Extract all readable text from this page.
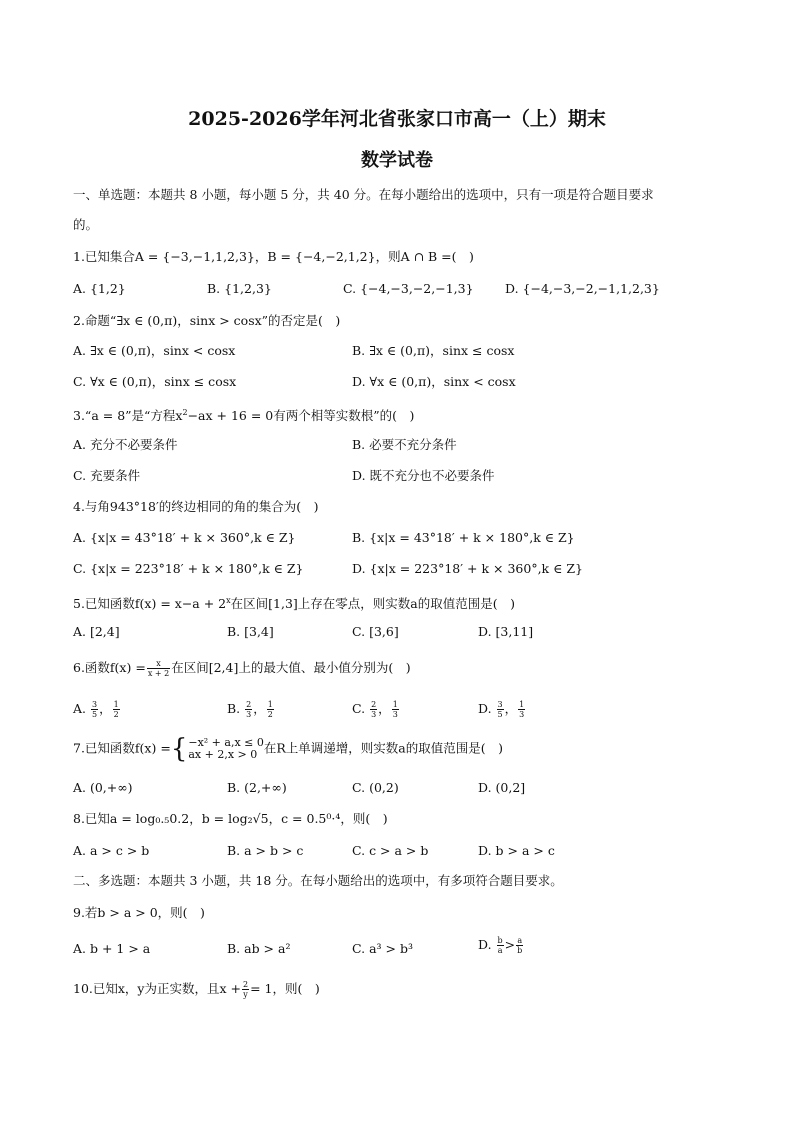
2025-2026学年河北省张家口市高一（上）期末
数学试卷
一、单选题：本题共 8 小题，每小题 5 分，共 40 分。在每小题给出的选项中，只有一项是符合题目要求
的。
1.已知集合A = {−3,−1,1,2,3}，B = {−4,−2,1,2}，则A ∩ B =(　)
A. {1,2}	B. {1,2,3}	C. {−4,−3,−2,−1,3}	D. {−4,−3,−2,−1,1,2,3}
2.命题“∃x ∈ (0,π)，sinx > cosx”的否定是(　)
A. ∃x ∈ (0,π)，sinx < cosx	B. ∃x ∈ (0,π)，sinx ≤ cosx
C. ∀x ∈ (0,π)，sinx ≤ cosx	D. ∀x ∈ (0,π)，sinx < cosx
3.“a = 8”是“方程$x^2-ax + 16 = 0$有两个相等实数根”的(　)
A. 充分不必要条件	B. 必要不充分条件
C. 充要条件	D. 既不充分也不必要条件
4.与角943°18′的终边相同的角的集合为(　)
A. {x|x = 43°18′ + k × 360°,k ∈ Z}	B. {x|x = 43°18′ + k × 180°,k ∈ Z}
C. {x|x = 223°18′ + k × 180°,k ∈ Z}	D. {x|x = 223°18′ + k × 360°,k ∈ Z}
5.已知函数$f(x) = x-a + 2^x$在区间[1,3]上存在零点，则实数a的取值范围是(　)
A. [2,4]	B. [3,4]	C. [3,6]	D. [3,11]
6.函数$f(x) = \frac{x}{x + 2}$ 在区间[2,4]上的最大值、最小值分别为(　)
A. $\frac{3}{5}$ ， $\frac{1}{2}$	B. $\frac{2}{3}$ ， $\frac{1}{2}$	C. $\frac{2}{3}$ ， $\frac{1}{3}$	D. $\frac{3}{5}$ ， $\frac{1}{3}$
7.已知函数f(x) ={ −x² + a,x ≤ 0
ax + 2,x > 0 在R上单调递增，则实数a的取值范围是(　)
A. (0,+∞)	B. (2,+∞)	C. (0,2)	D. (0,2]
8.已知a = log₀.₅0.2，b = log₂√5，c = 0.5⁰·⁴，则(　)
A. a > c > b	B. a > b > c	C. c > a > b	D. b > a > c
二、多选题：本题共 3 小题，共 18 分。在每小题给出的选项中，有多项符合题目要求。
9.若b > a > 0，则(　)
A. b + 1 > a	B. ab > a²	C. a³ > b³	D. $\frac{b}{a} > \frac{a}{b}$
10.已知x，y为正实数，且$x + \frac{2}{y} = 1$，则(　)
